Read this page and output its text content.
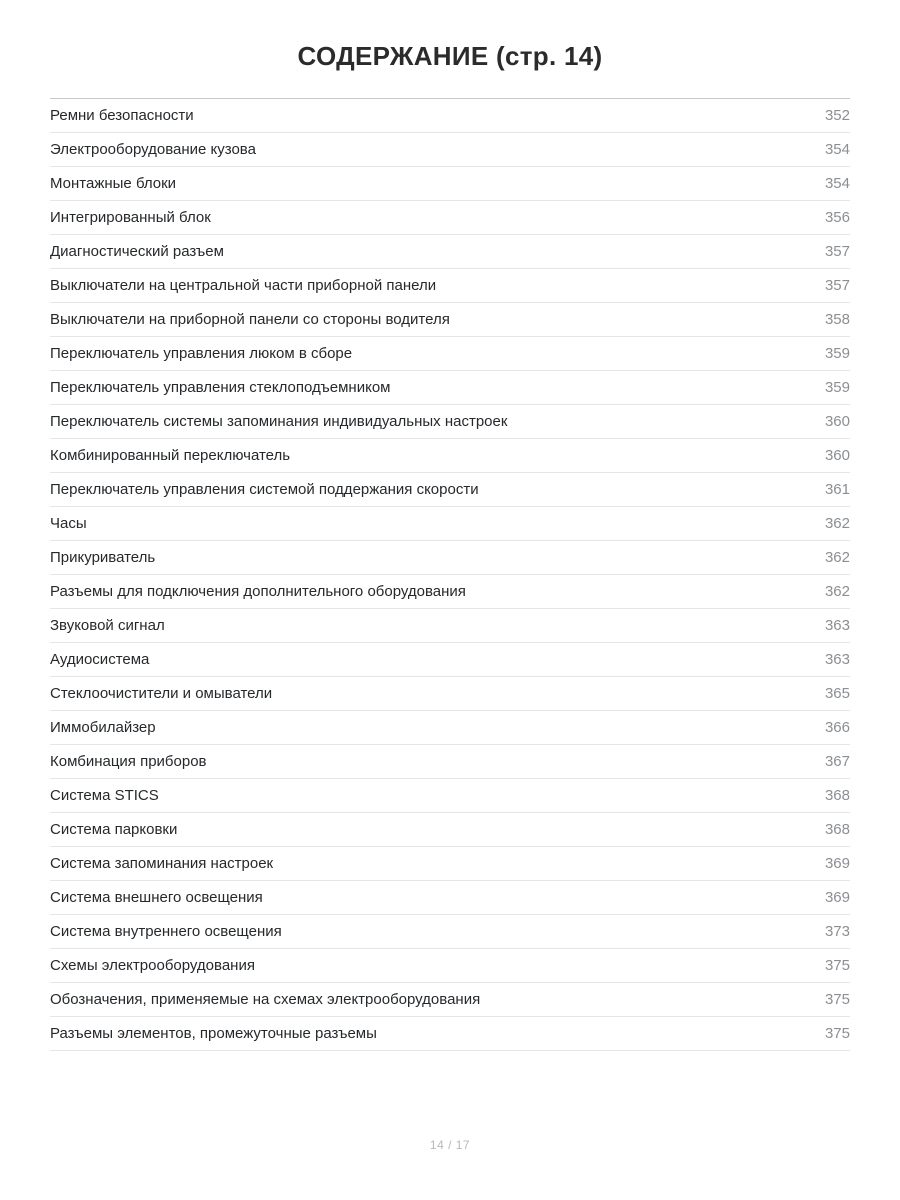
СОДЕРЖАНИЕ (стр. 14)
Ремни безопасности	352
Электрооборудование кузова	354
Монтажные блоки	354
Интегрированный блок	356
Диагностический разъем	357
Выключатели на центральной части приборной панели	357
Выключатели на приборной панели со стороны водителя	358
Переключатель управления люком в сборе	359
Переключатель управления стеклоподъемником	359
Переключатель системы запоминания индивидуальных настроек	360
Комбинированный переключатель	360
Переключатель управления системой поддержания скорости	361
Часы	362
Прикуриватель	362
Разъемы для подключения дополнительного оборудования	362
Звуковой сигнал	363
Аудиосистема	363
Стеклоочистители и омыватели	365
Иммобилайзер	366
Комбинация приборов	367
Система STICS	368
Система парковки	368
Система запоминания настроек	369
Система внешнего освещения	369
Система внутреннего освещения	373
Схемы электрооборудования	375
Обозначения, применяемые на схемах электрооборудования	375
Разъемы элементов, промежуточные разъемы	375
14 / 17
